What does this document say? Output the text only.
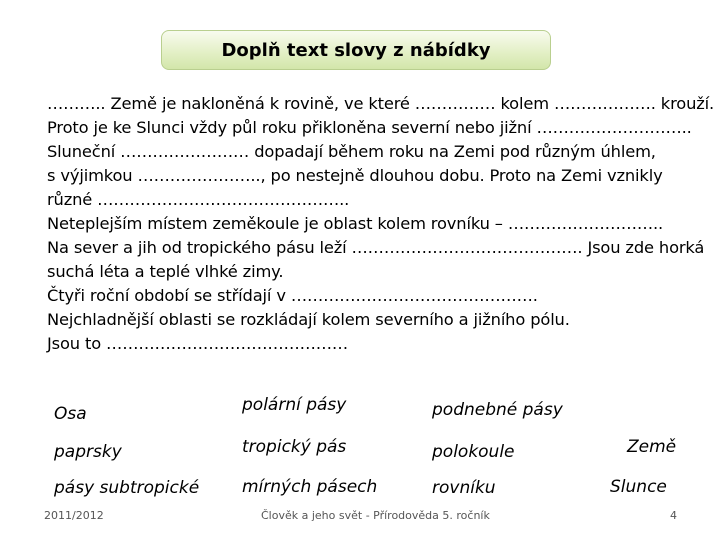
Doplň text slovy z nábídky
……….. Země je nakloněná k rovině, ve které …………… kolem ………………. krouží.
Proto je ke Slunci vždy půl roku přikloněna severní nebo jižní ………………………..
Sluneční …………………… dopadají během roku na Zemi pod různým úhlem,
s výjimkou ………………….., po nestejně dlouhou dobu. Proto na Zemi vznikly
různé ………………………………………..
Neteplejším místem zeměkoule je oblast kolem rovníku – ………………………..
Na sever a jih od tropického pásu leží ……………………………………. Jsou zde horká
suchá léta a teplé vlhké zimy.
Čtyři roční období se střídají v ……………………………………….
Nejchladnější oblasti se rozkládají kolem severního a jižního pólu.
Jsou to ………………………………………
Osa	polární pásy	podnebné pásy
paprsky	tropický pás	polokoule	Země
pásy subtropické	mírných pásech	rovníku	Slunce
2011/2012	Člověk a jeho svět - Přírodověda 5. ročník	4
